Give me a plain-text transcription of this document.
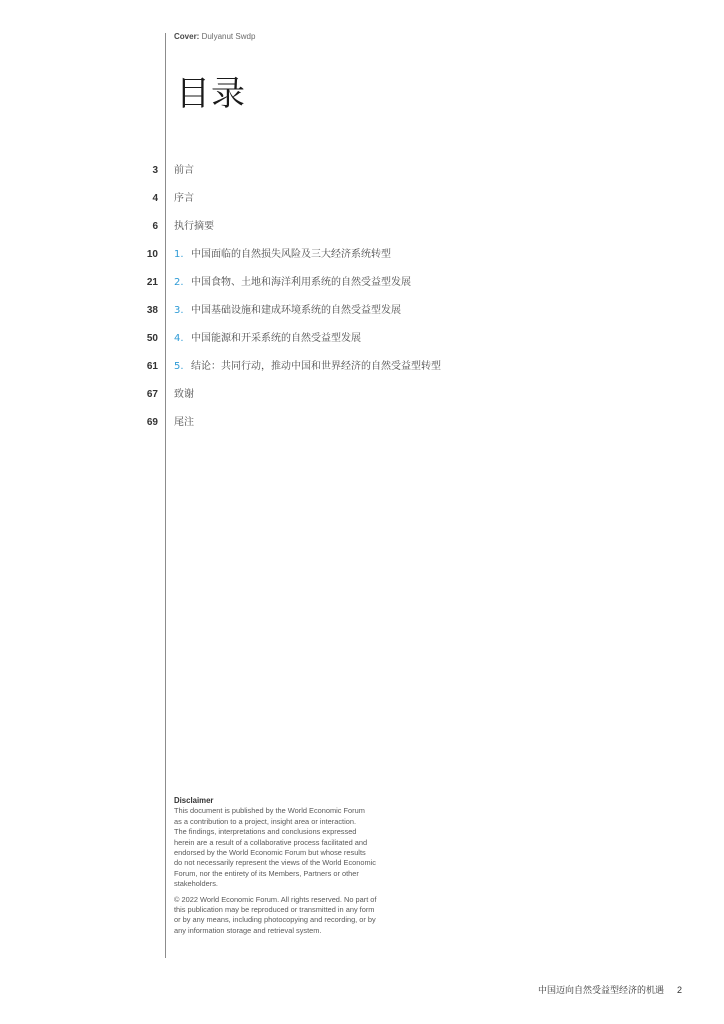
Cover: Dulyanut Swdp
目录
3 前言
4 序言
6 执行摘要
10 1. 中国面临的自然损失风险及三大经济系统转型
21 2. 中国食物、土地和海洋利用系统的自然受益型发展
38 3. 中国基础设施和建成环境系统的自然受益型发展
50 4. 中国能源和开采系统的自然受益型发展
61 5. 结论：共同行动，推动中国和世界经济的自然受益型转型
67 致谢
69 尾注
Disclaimer

This document is published by the World Economic Forum
as a contribution to a project, insight area or interaction.
The findings, interpretations and conclusions expressed
herein are a result of a collaborative process facilitated and
endorsed by the World Economic Forum but whose results
do not necessarily represent the views of the World Economic
Forum, nor the entirety of its Members, Partners or other
stakeholders.

© 2022 World Economic Forum. All rights reserved. No part of
this publication may be reproduced or transmitted in any form
or by any means, including photocopying and recording, or by
any information storage and retrieval system.

中国迈向自然受益型经济的机遇 2
